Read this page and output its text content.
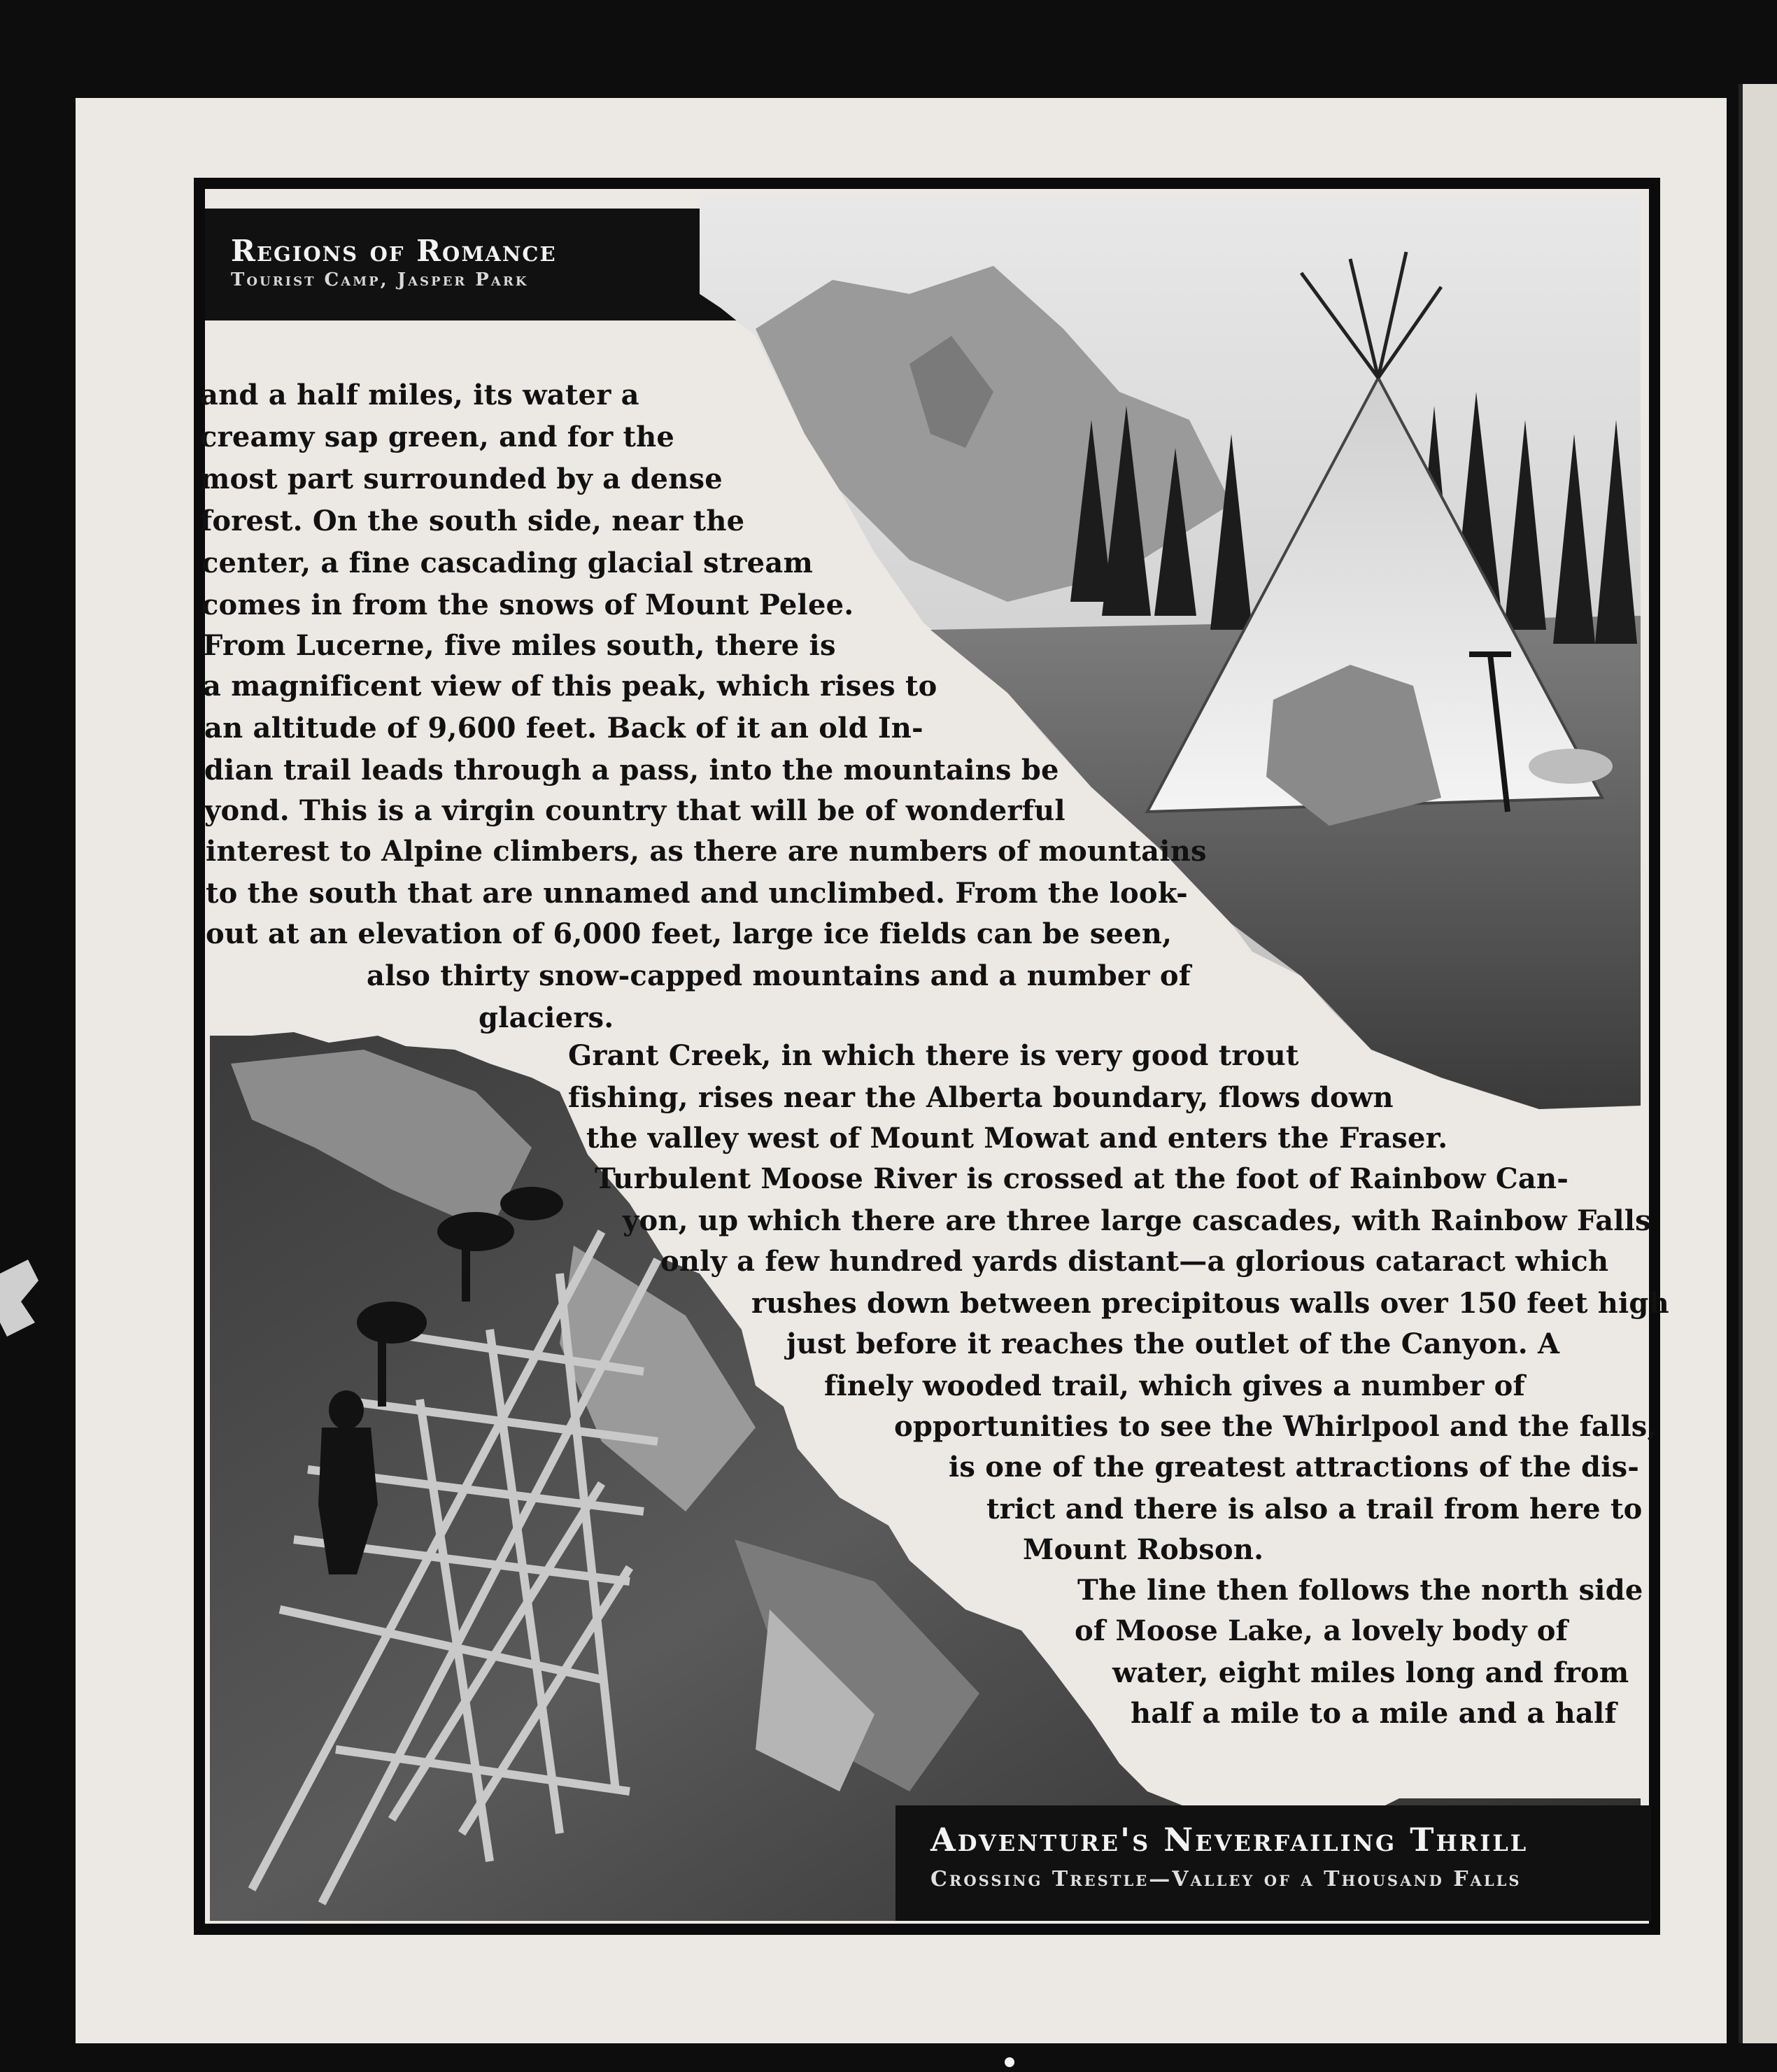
Regions of Romance
Tourist Camp, Jasper Park
Adventure's Neverfailing Thrill
Crossing Trestle—Valley of a Thousand Falls
and a half miles, its water a
creamy sap green, and for the
most part surrounded by a dense
forest. On the south side, near the
center, a fine cascading glacial stream
comes in from the snows of Mount Pelee.
From Lucerne, five miles south, there is
a magnificent view of this peak, which rises to
an altitude of 9,600 feet. Back of it an old In-
dian trail leads through a pass, into the mountains be
yond. This is a virgin country that will be of wonderful
interest to Alpine climbers, as there are numbers of mountains
to the south that are unnamed and unclimbed. From the look-
out at an elevation of 6,000 feet, large ice fields can be seen,
also thirty snow-capped mountains and a number of
glaciers.
Grant Creek, in which there is very good trout
fishing, rises near the Alberta boundary, flows down
the valley west of Mount Mowat and enters the Fraser.
Turbulent Moose River is crossed at the foot of Rainbow Can-
yon, up which there are three large cascades, with Rainbow Falls
only a few hundred yards distant—a glorious cataract which
rushes down between precipitous walls over 150 feet high
just before it reaches the outlet of the Canyon. A
finely wooded trail, which gives a number of
opportunities to see the Whirlpool and the falls,
is one of the greatest attractions of the dis-
trict and there is also a trail from here to
Mount Robson.
The line then follows the north side
of Moose Lake, a lovely body of
water, eight miles long and from
half a mile to a mile and a half
